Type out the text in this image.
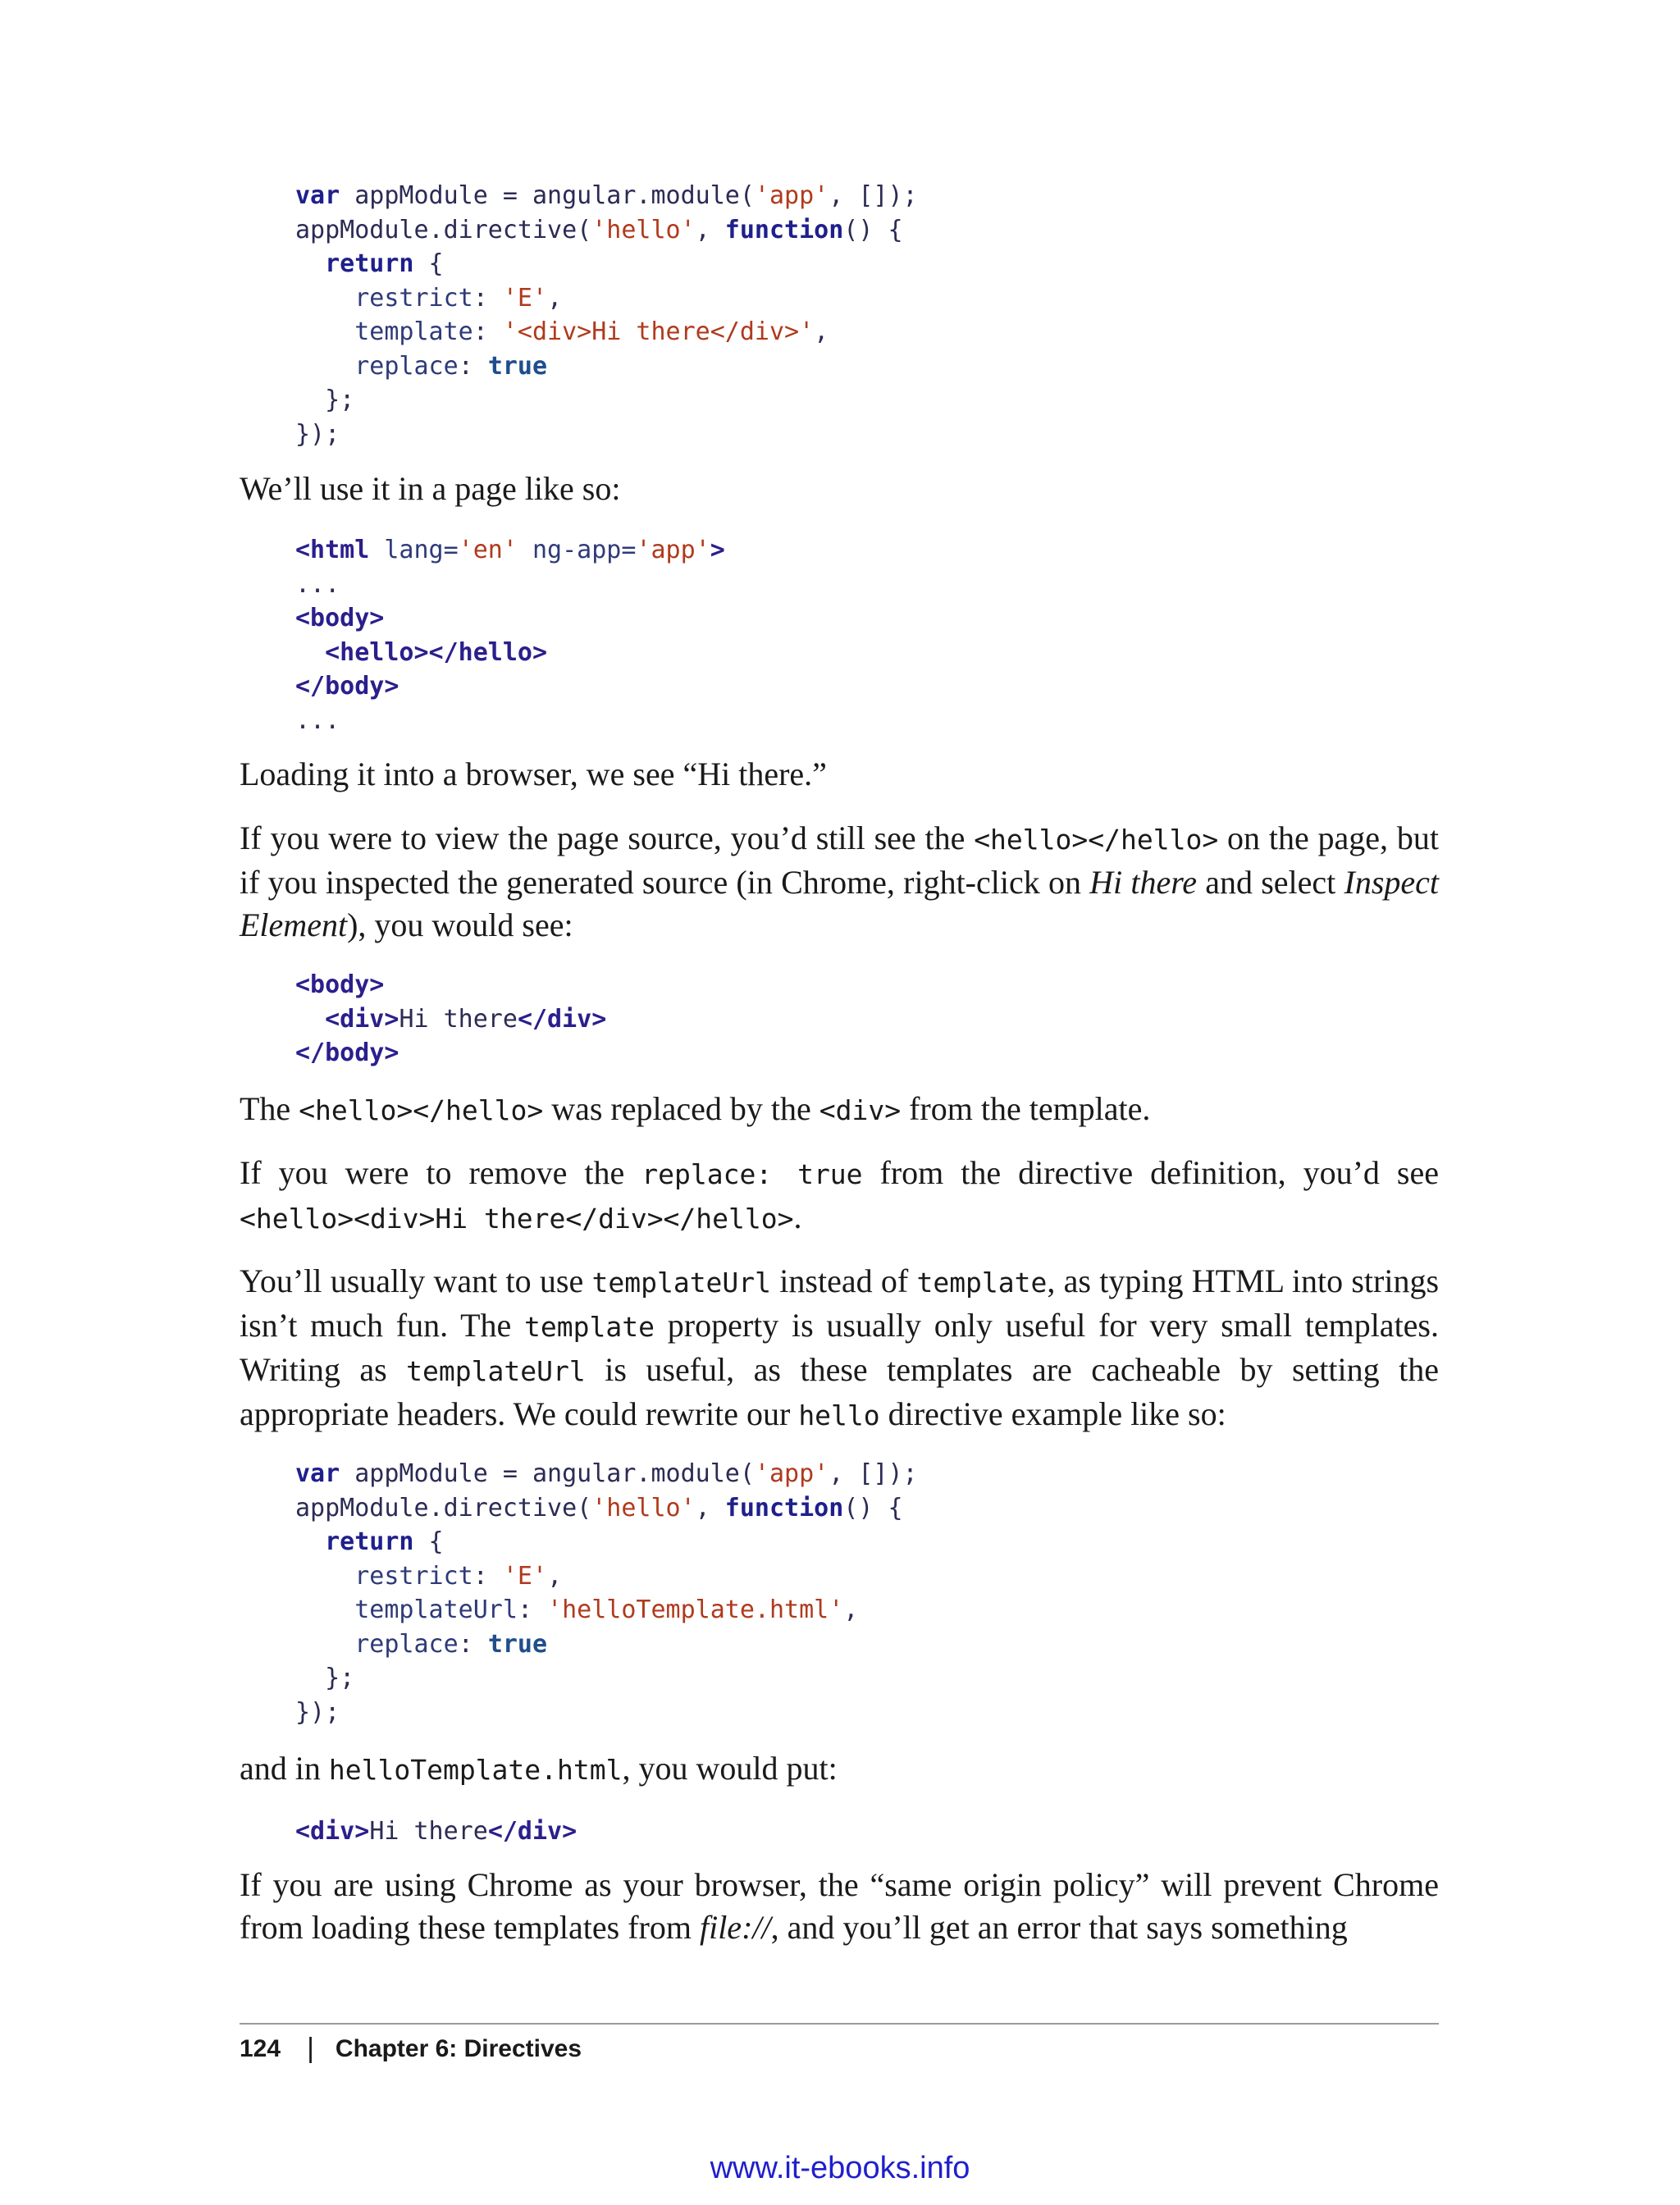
var appModule = angular.module('app', []);
appModule.directive('hello', function() {
return {
restrict: 'E',
template: '<div>Hi there</div>',
replace: true
};
});

We’ll use it in a page like so:

<html lang='en' ng-app='app'>
...
<body>
<hello></hello>
</body>
...

Loading it into a browser, we see “Hi there.”

If you were to view the page source, you’d still see the <hello></hello> on the page, but if you inspected the generated source (in Chrome, right-click on Hi there and select Inspect Element), you would see:

<body>
<div>Hi there</div>
</body>

The <hello></hello> was replaced by the <div> from the template.

If you were to remove the replace: true from the directive definition, you’d see <hello><div>Hi there</div></hello>.

You’ll usually want to use templateUrl instead of template, as typing HTML into strings isn’t much fun. The template property is usually only useful for very small templates. Writing as templateUrl is useful, as these templates are cacheable by setting the appropriate headers. We could rewrite our hello directive example like so:

var appModule = angular.module('app', []);
appModule.directive('hello', function() {
return {
restrict: 'E',
templateUrl: 'helloTemplate.html',
replace: true
};
});

and in helloTemplate.html, you would put:

<div>Hi there</div>

If you are using Chrome as your browser, the “same origin policy” will prevent Chrome from loading these templates from file://, and you’ll get an error that says something

124 | Chapter 6: Directives
www.it-ebooks.info
